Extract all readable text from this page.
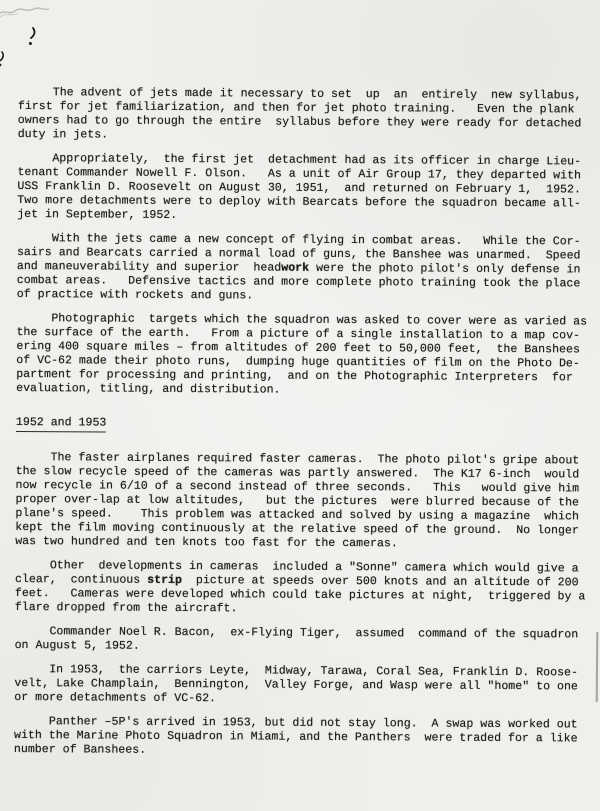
The advent of jets made it necessary to set  up  an  entirely  new syllabus,
first for jet familiarization, and then for jet photo training.   Even the plank
owners had to go through the entire  syllabus before they were ready for detached
duty in jets.
Appropriately,  the first jet  detachment had as its officer in charge Lieu-
tenant Commander Nowell F. Olson.   As a unit of Air Group 17, they departed with
USS Franklin D. Roosevelt on August 30, 1951,  and returned on February 1,  1952.
Two more detachments were to deploy with Bearcats before the squadron became all-
jet in September, 1952.
With the jets came a new concept of flying in combat areas.   While the Cor-
sairs and Bearcats carried a normal load of guns, the Banshee was unarmed.  Speed
and maneuverability and superior  headwork were the photo pilot's only defense in
combat areas.   Defensive tactics and more complete photo training took the place
of practice with rockets and guns.
Photographic  targets which the squadron was asked to cover were as varied as
the surface of the earth.   From a picture of a single installation to a map cov-
ering 400 square miles – from altitudes of 200 feet to 50,000 feet,  the Banshees
of VC-62 made their photo runs,  dumping huge quantities of film on the Photo De-
partment for processing and printing,  and on the Photographic Interpreters  for
evaluation, titling, and distribution.
1952 and 1953
The faster airplanes required faster cameras.  The photo pilot's gripe about
the slow recycle speed of the cameras was partly answered.  The K17 6-inch  would
now recycle in 6/10 of a second instead of three seconds.   This   would give him
proper over-lap at low altitudes,   but the pictures  were blurred because of the
plane's speed.    This problem was attacked and solved by using a magazine  which
kept the film moving continuously at the relative speed of the ground.  No longer
was two hundred and ten knots too fast for the cameras.
Other  developments in cameras  included a "Sonne" camera which would give a
clear,  continuous strip  picture at speeds over 500 knots and an altitude of 200
feet.   Cameras were developed which could take pictures at night,  triggered by a
flare dropped from the aircraft.
Commander Noel R. Bacon,  ex-Flying Tiger,  assumed  command of the squadron
on August 5, 1952.
In 1953,  the carriors Leyte,  Midway, Tarawa, Coral Sea, Franklin D. Roose-
velt, Lake Champlain,  Bennington,  Valley Forge, and Wasp were all "home" to one
or more detachments of VC-62.
Panther –5P's arrived in 1953, but did not stay long.  A swap was worked out
with the Marine Photo Squadron in Miami, and the Panthers  were traded for a like
number of Banshees.
